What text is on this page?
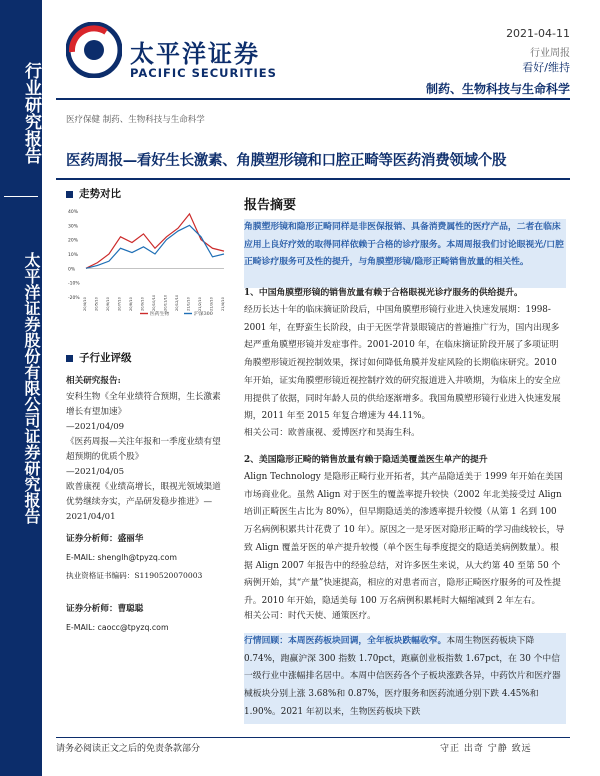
行业研究报告
太平洋证券股份有限公司证券研究报告
太平洋证券
PACIFIC SECURITIES
2021-04-11
行业周报
看好/维持
制药、生物科技与生命科学
医疗保健 制药、生物科技与生命科学
医药周报—看好生长激素、角膜塑形镜和口腔正畸等医药消费领域个股
走势对比
40%
30%
20%
10%
0%
-10%
-20% 20/4/10 20/5/10 20/6/10 20/7/10 20/8/10 20/9/10 20/10/10 20/11/10 20/12/10 21/1/10 21/2/10 21/3/10 21/4/10
医药生物	沪深300
子行业评级
相关研究报告:
安科生物《全年业绩符合预期，生长激素增长有望加速》
—2021/04/09
《医药周报—关注年报和一季度业绩有望超预期的优质个股》
—2021/04/05
欧普康视《业绩高增长，眼视光领域渠道优势继续夯实，产品研发稳步推进》—2021/04/01
证券分析师：盛丽华
E-MAIL: shenglh@tpyzq.com
执业资格证书编码：S1190520070003
证券分析师：曹聪聪
E-MAIL: caocc@tpyzq.com
报告摘要
角膜塑形镜和隐形正畸同样是非医保报销、具备消费属性的医疗产品，二者在临床应用上良好疗效的取得同样依赖于合格的诊疗服务。本周周报我们讨论眼视光/口腔正畸诊疗服务可及性的提升，与角膜塑形镜/隐形正畸销售放量的相关性。
1、中国角膜塑形镜的销售放量有赖于合格眼视光诊疗服务的供给提升。
经历长达十年的临床摘证阶段后，中国角膜塑形镜行业进入快速发展期：1998-2001 年，在野蛮生长阶段，由于无医学背景眼镜店的普遍推广行为，国内出现多起严重角膜塑形镜并发症事件。2001-2010 年，在临床摘证阶段开展了多项证明角膜塑形镜近视控制效果，探讨如何降低角膜并发症风险的长期临床研究。2010 年开始，证实角膜塑形镜近视控制疗效的研究报道进入井喷期，为临床上的安全应用提供了依据，同时年龄人员的供给逐渐增多。我国角膜塑形镜行业进入快速发展期，2011 年至 2015 年复合增速为 44.11%。
相关公司：欧普康视、爱博医疗和昊海生科。
2、美国隐形正畸的销售放量有赖于隐适美覆盖医生单产的提升
Align Technology 是隐形正畸行业开拓者，其产品隐适美于 1999 年开始在美国市场商业化。虽然 Align 对于医生的覆盖率提升较快（2002 年北美接受过 Align 培训正畸医生占比为 80%），但早期隐适美的渗透率提升较慢（从第 1 名到 100 万名病例积累共计花费了 10 年）。原因之一是牙医对隐形正畸的学习曲线较长，导致 Align 覆盖牙医的单产提升较慢（单个医生每季度提交的隐适美病例数量）。根据 Align 2007 年报告中的经验总结，对许多医生来说，从大约第 40 至第 50 个病例开始，其“产量”快速提高，相应的对患者而言，隐形正畸医疗服务的可及性提升。2010 年开始，隐适美每 100 万名病例积累耗时大幅缩减到 2 年左右。
相关公司：时代天使、通策医疗。
行情回顾：本周医药板块回调，全年板块跌幅收窄。本周生物医药板块下降 0.74%，跑赢沪深 300 指数 1.70pct，跑赢创业板指数 1.67pct，在 30 个中信一级行业中涨幅排名居中。本周中信医药各个子板块涨跌各异，中药饮片和医疗器械板块分别上涨 3.68%和 0.87%，医疗服务和医药流通分别下跌 4.45%和 1.90%。2021 年初以来，生物医药板块下跌
请务必阅读正文之后的免责条款部分	守正 出奇 宁静 致远
